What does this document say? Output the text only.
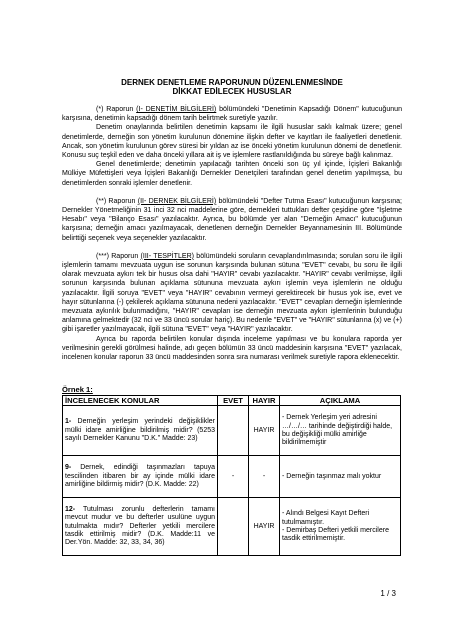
DERNEK DENETLEME RAPORUNUN DÜZENLENMESİNDE

DİKKAT EDİLECEK HUSUSLAR

(*) Raporun (I- DENETİM BİLGİLERİ) bölümündeki "Denetimin Kapsadığı Dönem" kutucuğunun karşısına, denetimin kapsadığı dönem tarih belirtmek suretiyle yazılır.

Denetim onaylarında belirtilen denetimin kapsamı ile ilgili hususlar saklı kalmak üzere; genel denetimlerde, derneğin son yönetim kurulunun dönemine ilişkin defter ve kayıtları ile faaliyetleri denetlenir. Ancak, son yönetim kurulunun görev süresi bir yıldan az ise önceki yönetim kurulunun dönemi de denetlenir. Konusu suç teşkil eden ve daha önceki yıllara ait iş ve işlemlere rastlanıldığında bu süreye bağlı kalınmaz.

Genel denetimlerde; denetimin yapılacağı tarihten önceki son üç yıl içinde, İçişleri Bakanlığı Mülkiye Müfettişleri veya İçişleri Bakanlığı Dernekler Denetçileri tarafından genel denetim yapılmışsa, bu denetimlerden sonraki işlemler denetlenir.

(**) Raporun (II- DERNEK BİLGİLERİ) bölümündeki "Defter Tutma Esası" kutucuğunun karşısına; Dernekler Yönetmeliğinin 31 inci 32 nci maddelerine göre, dernekleri tuttukları defter çeşidine göre "İşletme Hesabı" veya "Bilanço Esası" yazılacaktır. Ayrıca, bu bölümde yer alan "Derneğin Amacı" kutucuğunun karşısına; derneğin amacı yazılmayacak, denetlenen derneğin Dernekler Beyannamesinin III. Bölümünde belirttiği seçenek veya seçenekler yazılacaktır.

(***) Raporun (III- TESPİTLER) bölümündeki soruların cevaplandırılmasında; sorulan soru ile ilgili işlemlerin tamamı mevzuata uygun ise sorunun karşısında bulunan sütuna "EVET" cevabı, bu soru ile ilgili olarak mevzuata aykırı tek bir husus olsa dahi "HAYIR" cevabı yazılacaktır. "HAYIR" cevabı verilmişse, ilgili sorunun karşısında bulunan açıklama sütununa mevzuata aykırı işlemin veya işlemlerin ne olduğu yazılacaktır. İlgili soruya "EVET" veya "HAYIR" cevabının vermeyi gerektirecek bir husus yok ise, evet ve hayır sütunlarına (-) çekilerek açıklama sütununa nedeni yazılacaktır. "EVET" cevapları derneğin işlemlerinde mevzuata aykırılık bulunmadığını, "HAYIR" cevapları ise derneğin mevzuata aykırı işlemlerinin bulunduğu anlamına gelmektedir (32 nci ve 33 üncü sorular hariç). Bu nedenle "EVET" ve "HAYIR" sütunlarına (x) ve (+) gibi işaretler yazılmayacak, ilgili sütuna "EVET" veya "HAYIR" yazılacaktır.

Ayrıca bu raporda belirtilen konular dışında inceleme yapılması ve bu konulara raporda yer verilmesinin gerekli görülmesi halinde, adı geçen bölümün 33 üncü maddesinin karşısına "EVET" yazılacak, incelenen konular raporun 33 üncü maddesinden sonra sıra numarası verilmek suretiyle rapora eklenecektir.

Örnek 1:
İNCELENECEK KONULAR	EVET	HAYIR	AÇIKLAMA
1- Derneğin yerleşim yerindeki değişiklikler mülki idare amirliğine bildirilmiş midir? (5253 sayılı Dernekler Kanunu "D.K." Madde: 23)		HAYIR	- Dernek Yerleşim yeri adresini …/…/… tarihinde değiştirdiği halde, bu değişikliği mülki amirliğe bildirilmemiştir
9- Dernek, edindiği taşınmazları tapuya tescilinden itibaren bir ay içinde mülki idare amirliğine bildirmiş midir? (D.K. Madde: 22)	-	-	- Derneğin taşınmaz malı yoktur
12- Tutulması zorunlu defterlerin tamamı mevcut mudur ve bu defterler usulüne uygun tutulmakta mıdır? Defterler yetkili mercilere tasdik ettirilmiş midir? (D.K. Madde:11 ve Der.Yön. Madde: 32, 33, 34, 36)		HAYIR	- Alındı Belgesi Kayıt Defteri tutulmamıştır.
- Demirbaş Defteri yetkili mercilere tasdik ettirilmemiştir.
1 / 3
